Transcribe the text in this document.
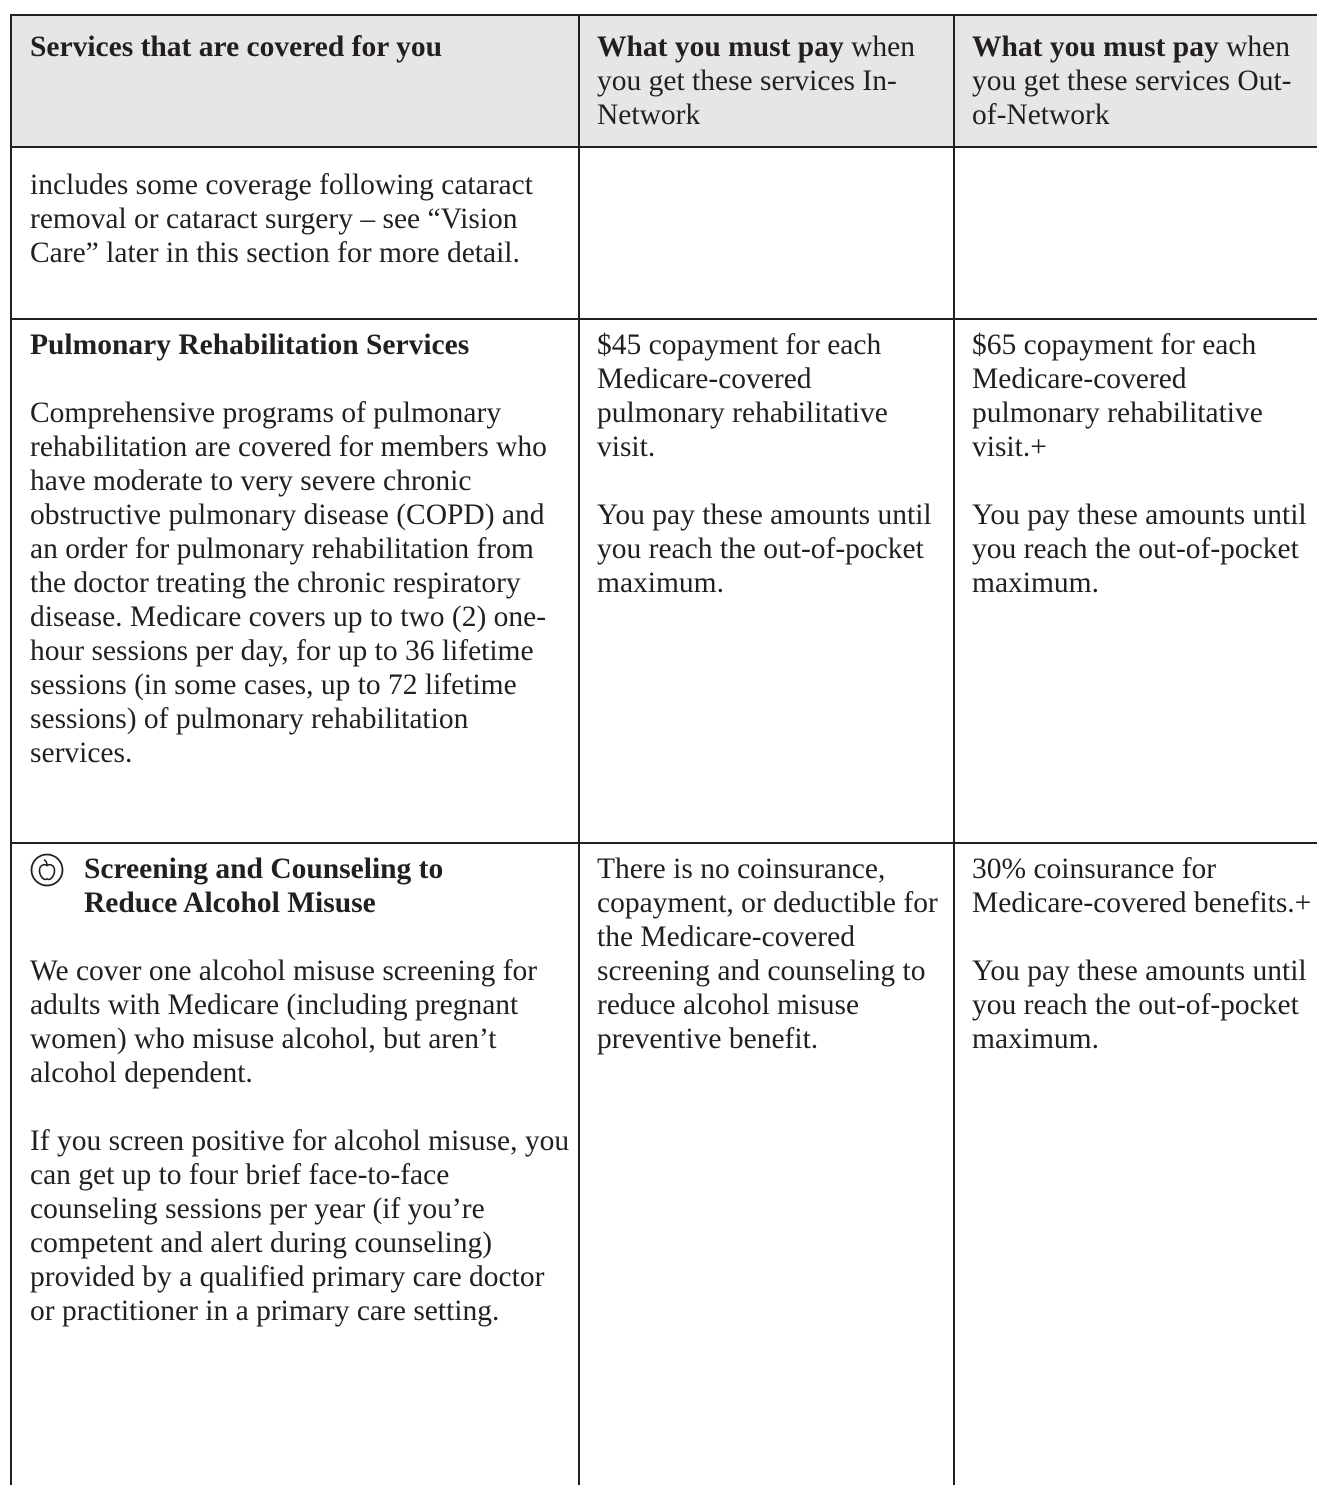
Services that are covered for you	What you must pay when you get these services In-Network
What you must pay when you get these services Out-of-Network

includes some coverage following cataract removal or cataract surgery – see “Vision Care” later in this section for more detail.

Pulmonary Rehabilitation Services

Comprehensive programs of pulmonary rehabilitation are covered for members who have moderate to very severe chronic obstructive pulmonary disease (COPD) and an order for pulmonary rehabilitation from the doctor treating the chronic respiratory disease. Medicare covers up to two (2) one-hour sessions per day, for up to 36 lifetime sessions (in some cases, up to 72 lifetime sessions) of pulmonary rehabilitation services.

$45 copayment for each Medicare-covered pulmonary rehabilitative visit.

You pay these amounts until you reach the out-of-pocket maximum.

$65 copayment for each Medicare-covered pulmonary rehabilitative visit.+

You pay these amounts until you reach the out-of-pocket maximum.

Screening and Counseling to
Reduce Alcohol Misuse

We cover one alcohol misuse screening for adults with Medicare (including pregnant women) who misuse alcohol, but aren’t alcohol dependent.

If you screen positive for alcohol misuse, you can get up to four brief face-to-face counseling sessions per year (if you’re competent and alert during counseling) provided by a qualified primary care doctor or practitioner in a primary care setting.

There is no coinsurance, copayment, or deductible for the Medicare-covered screening and counseling to reduce alcohol misuse preventive benefit.

30% coinsurance for Medicare-covered benefits.+

You pay these amounts until you reach the out-of-pocket maximum.
